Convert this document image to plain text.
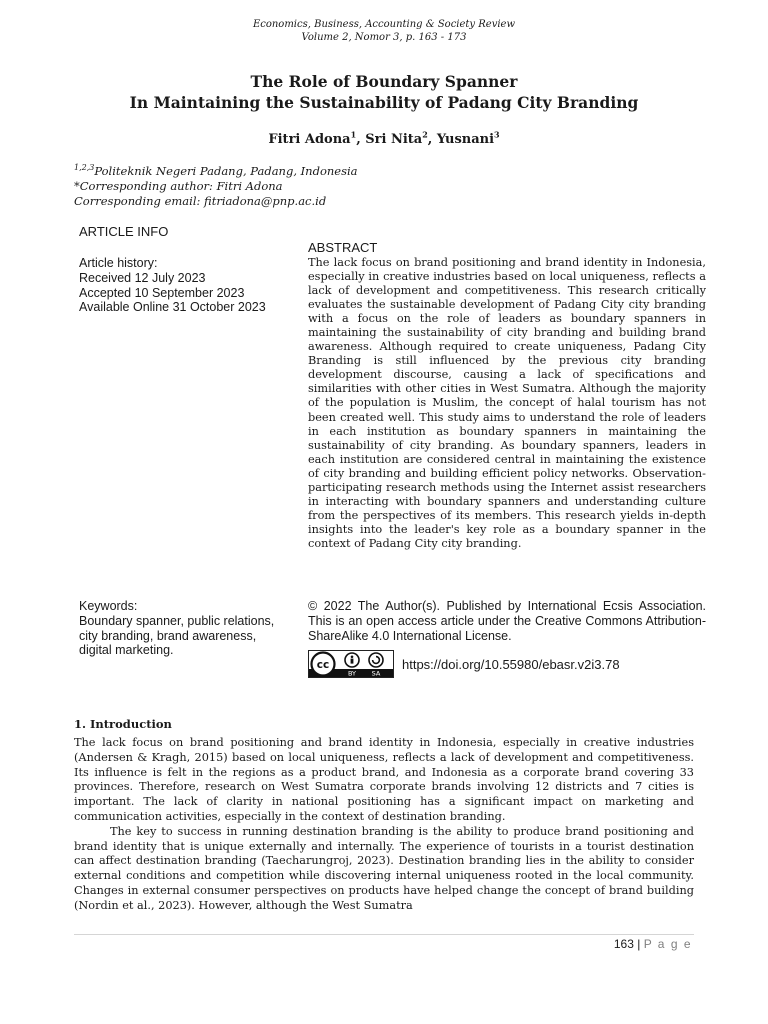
Economics, Business, Accounting & Society Review
Volume 2, Nomor 3, p. 163 - 173
The Role of Boundary Spanner
In Maintaining the Sustainability of Padang City Branding
Fitri Adona$^1$, Sri Nita$^2$, Yusnani$^3$
$^{1,2,3}$Politeknik Negeri Padang, Padang, Indonesia
*Corresponding author: Fitri Adona
Corresponding email: fitriadona@pnp.ac.id
ARTICLE INFO
Article history:
Received 12 July 2023
Accepted 10 September 2023
Available Online 31 October 2023
ABSTRACT
The lack focus on brand positioning and brand identity in Indonesia, especially in creative industries based on local uniqueness, reflects a lack of development and competitiveness. This research critically evaluates the sustainable development of Padang City city branding with a focus on the role of leaders as boundary spanners in maintaining the sustainability of city branding and building brand awareness. Although required to create uniqueness, Padang City Branding is still influenced by the previous city branding development discourse, causing a lack of specifications and similarities with other cities in West Sumatra. Although the majority of the population is Muslim, the concept of halal tourism has not been created well. This study aims to understand the role of leaders in each institution as boundary spanners in maintaining the sustainability of city branding. As boundary spanners, leaders in each institution are considered central in maintaining the existence of city branding and building efficient policy networks. Observation-participating research methods using the Internet assist researchers in interacting with boundary spanners and understanding culture from the perspectives of its members. This research yields in-depth insights into the leader's key role as a boundary spanner in the context of Padang City city branding.
Keywords:
Boundary spanner, public relations, city branding, brand awareness, digital marketing.
© 2022 The Author(s). Published by International Ecsis Association. This is an open access article under the Creative Commons Attribution-ShareAlike 4.0 International License.
cc
BY SA
https://doi.org/10.55980/ebasr.v2i3.78
1. Introduction

The lack focus on brand positioning and brand identity in Indonesia, especially in creative industries (Andersen & Kragh, 2015) based on local uniqueness, reflects a lack of development and competitiveness. Its influence is felt in the regions as a product brand, and Indonesia as a corporate brand covering 33 provinces. Therefore, research on West Sumatra corporate brands involving 12 districts and 7 cities is important. The lack of clarity in national positioning has a significant impact on marketing and communication activities, especially in the context of destination branding.

The key to success in running destination branding is the ability to produce brand positioning and brand identity that is unique externally and internally. The experience of tourists in a tourist destination can affect destination branding (Taecharungroj, 2023). Destination branding lies in the ability to consider external conditions and competition while discovering internal uniqueness rooted in the local community. Changes in external consumer perspectives on products have helped change the concept of brand building (Nordin et al., 2023). However, although the West Sumatra

163 | P a g e
